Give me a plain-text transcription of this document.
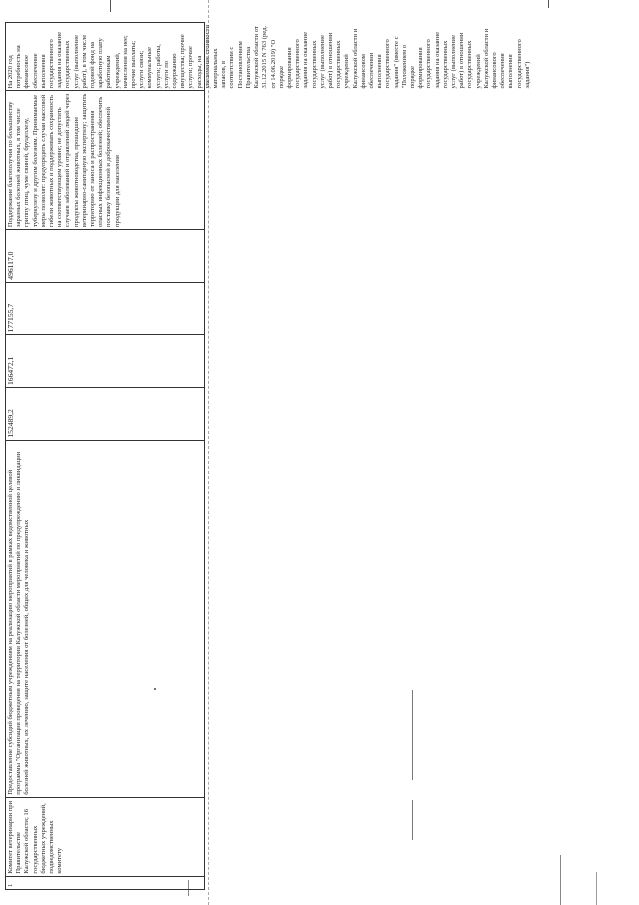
1
Комитет ветеринарии при Правительстве Калужской области; 16 государственных бюджетных учреждений, подведомственных комитету
Предоставление субсидий бюджетным учреждениям на реализацию мероприятий в рамках ведомственной целевой программы "Организация проведения на территории Калужской области мероприятий по предупреждению и ликвидации болезней животных, их лечению, защите населения от болезней, общих для человека и животных
152489,2
166472,1
177155,7
496117,0
Поддержание благополучия по большинству заразных болезней животных, в том числе гриппу птиц, чуме свиней, бруцеллезу, туберкулезу и другим болезням. Принимаемые меры позволят: предупредить случаи массовой гибели животных и поддерживать сохранность на соответствующем уровне; не допустить случаев заболеваний и отравлений людей через продукты животноводства, прошедшие ветеринарно-санитарную экспертизу; защитить территорию от заноса и распространения опасных инфекционных болезней; обеспечить поставку безопасной и доброкачественной продукции для населения
На 2020 год потребность на финансовое обеспечение выполнения государственного задания на оказание государственных услуг (выполнение работ), в том числе годовой фонд на заработную плату работникам учреждений, начисления на нее; прочие выплаты; услуги связи; коммунальные услуги; работы, услуги по содержанию имущества; прочие услуги; прочие расходы, на увеличение стоимости материальных запасов, в соответствии с Постановлением Правительства Калужской области от 31.12.2015 N 763 (ред. от 14.06.2019) "О порядке формирования государственного задания на оказание государственных услуг (выполнение работ) в отношении государственных учреждений Калужской области и финансовом обеспечении выполнения государственного задания" (вместе с "Положением о порядке формирования государственного задания на оказание государственных услуг (выполнение работ) в отношении государственных учреждений Калужской области и финансового обеспечения выполнения государственного задания")
